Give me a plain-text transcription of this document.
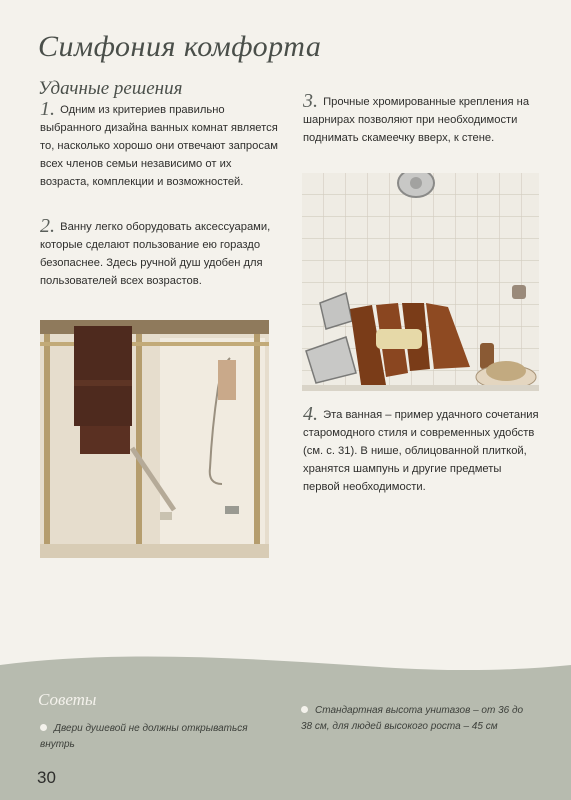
Симфония комфорта
Удачные решения
1. Одним из критериев правильно выбранного дизайна ванных комнат является то, насколько хорошо они отвечают запросам всех членов семьи независимо от их возраста, комплекции и возможностей.
2. Ванну легко оборудовать аксессуарами, которые сделают пользование ею гораздо безопаснее. Здесь ручной душ удобен для пользователей всех возрастов.
3. Прочные хромированные крепления на шарнирах позволяют при необходимости поднимать скамеечку вверх, к стене.
4. Эта ванная – пример удачного сочетания старомодного стиля и современных удобств (см. с. 31). В нише, облицованной плиткой, хранятся шампунь и другие предметы первой необходимости.
Советы
Двери душевой не должны открываться внутрь
Стандартная высота унитазов – от 36 до 38 см, для людей высокого роста – 45 см
30
